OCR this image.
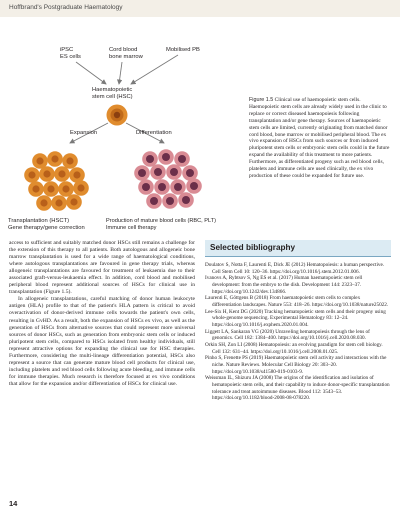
Hoffbrand's Postgraduate Haematology
iPSC
ES cells
Cord blood
bone marrow
Mobilised PB
Haematopoietic
stem cell (HSC)
Expansion	Differentiation
Transplantation (HSCT)
Gene therapy/gene correction
Production of mature blood cells (RBC, PLT)
Immune cell therapy
Figure 1.5 Clinical use of haemopoietic stem cells. Haemopoietic stem cells are already widely used in the clinic to replace or correct diseased haemopoiesis following transplantation and/or gene therapy. Sources of haemopoietic stem cells are limited, currently originating from matched donor cord blood, bone marrow or mobilised peripheral blood. The ex vivo expansion of HSCs from such sources or from induced pluripotent stem cells or embryonic stem cells could in the future expand the availability of this treatment to more patients. Furthermore, as differentiated progeny such as red blood cells, platelets and immune cells are used clinically, the ex vivo production of these could be expanded for future use.

access to sufficient and suitably matched donor HSCs still remains a challenge for the extension of this therapy to all patients. Both autologous and allogeneic bone marrow transplantation is used for a wide range of haematological conditions, where autologous transplantations are favoured in gene therapy trials, whereas allogeneic transplantations are favoured for treatment of leukaemia due to their associated graft-versus-leukaemia effect. In addition, cord blood and mobilised peripheral blood represent additional sources of HSCs for clinical use in transplantation (Figure 1.5).

In allogeneic transplantations, careful matching of donor human leukocyte antigen (HLA) profile to that of the patient's HLA pattern is critical to avoid overactivation of donor-derived immune cells towards the patient's own cells, resulting in GvHD. As a result, both the expansion of HSCs ex vivo, as well as the generation of HSCs from alternative sources that could represent more universal sources of donor HSCs, such as generation from embryonic stem cells or induced pluripotent stem cells, compared to HSCs isolated from healthy individuals, still represent attractive options for expanding the clinical use for HSC therapies. Furthermore, considering the multi-lineage differentiation potential, HSCs also represent a source that can generate mature blood cell products for clinical use, including platelets and red blood cells following acute bleeding, and immune cells for immune therapies. Much research is therefore focused at ex vivo conditions that allow for the expansion and/or differentiation of HSCs for clinical use.

Selected bibliography
Doulatov S, Notta F, Laurenti E, Dick JE (2012) Hematopoiesis: a human perspective. Cell Stem Cell 10: 120–36. https://doi.org/10.1016/j.stem.2012.01.006.
Ivanovs A, Rybtsov S, Ng ES et al. (2017) Human haematopoietic stem cell development: from the embryo to the dish. Development 144: 2323–37. https://doi.org/10.1242/dev.134866.
Laurenti E, Göttgens B (2018) From haematopoietic stem cells to complex differentiation landscapes. Nature 553: 418–26. https://doi.org/10.1038/nature25022.
Lee-Six H, Kent DG (2020) Tracking hematopoietic stem cells and their progeny using whole-genome sequencing. Experimental Hematology 83: 12–24. https://doi.org/10.1016/j.exphem.2020.01.004.
Liggett LA, Sankaran VG (2020) Unraveling hematopoiesis through the lens of genomics. Cell 182: 1384–400. https://doi.org/10.1016/j.cell.2020.08.030.
Orkin SH, Zon LI (2008) Hematopoiesis: an evolving paradigm for stem cell biology. Cell 132: 631–44. https://doi.org/10.1016/j.cell.2008.01.025.
Pinho S, Frenette PS (2019) Haematopoietic stem cell activity and interactions with the niche. Nature Reviews. Molecular Cell Biology 20: 303–20. https://doi.org/10.1038/s41580-019-0103-9.
Weissman IL, Shizuru JA (2008) The origins of the identification and isolation of hematopoietic stem cells, and their capability to induce donor-specific transplantation tolerance and treat autoimmune diseases. Blood 112: 3543–53. https://doi.org/10.1182/blood-2008-08-078220.
14
